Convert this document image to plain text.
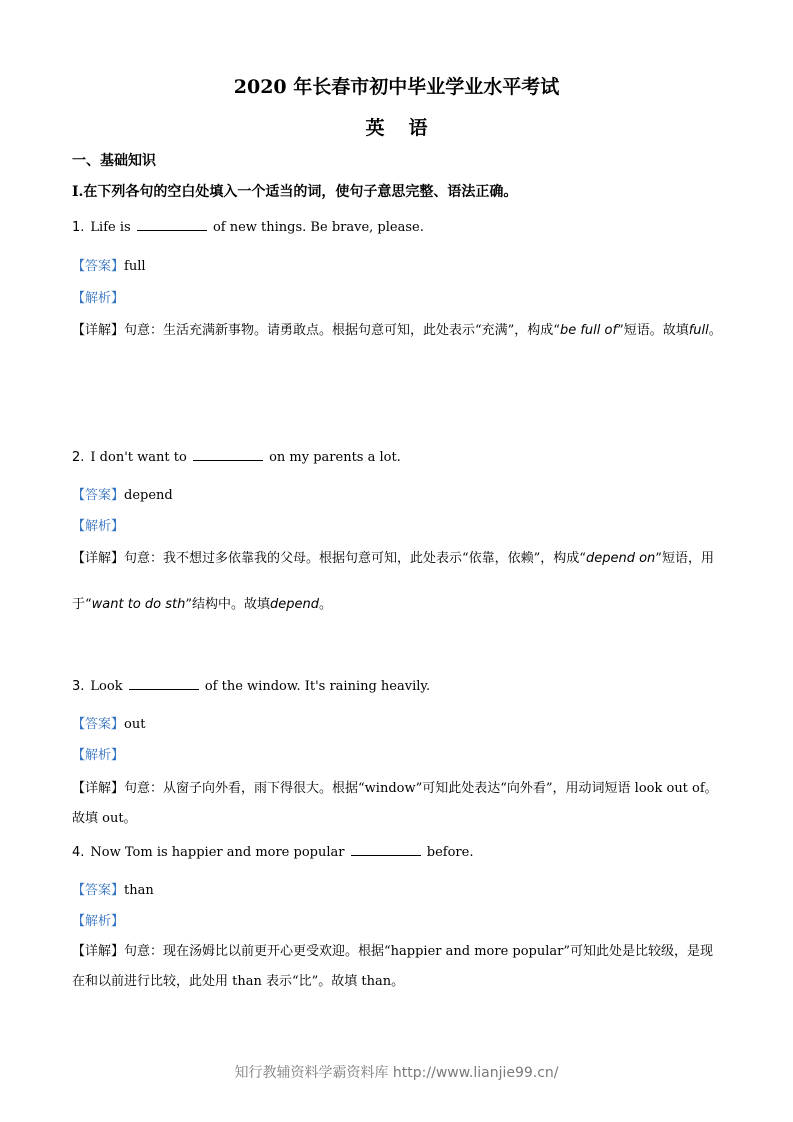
2020 年长春市初中毕业学业水平考试
英语
一、基础知识
I.在下列各句的空白处填入一个适当的词，使句子意思完整、语法正确。
1. Life is	of new things. Be brave, please.
【答案】full
【解析】
【详解】句意：生活充满新事物。请勇敢点。根据句意可知，此处表示“充满”，构成“be full of”短语。故填full。
2. I don't want to	on my parents a lot.
【答案】depend
【解析】
【详解】句意：我不想过多依靠我的父母。根据句意可知，此处表示“依靠，依赖”，构成“depend on”短语，用于“want to do sth”结构中。故填depend。
3. Look	of the window. It's raining heavily.
【答案】out
【解析】
【详解】句意：从窗子向外看，雨下得很大。根据“window”可知此处表达“向外看”，用动词短语 look out of。故填 out。
4. Now Tom is happier and more popular	before.
【答案】than
【解析】
【详解】句意：现在汤姆比以前更开心更受欢迎。根据“happier and more popular”可知此处是比较级，是现在和以前进行比较，此处用 than 表示“比”。故填 than。
知行教辅资料学霸资料库 http://www.lianjie99.cn/
